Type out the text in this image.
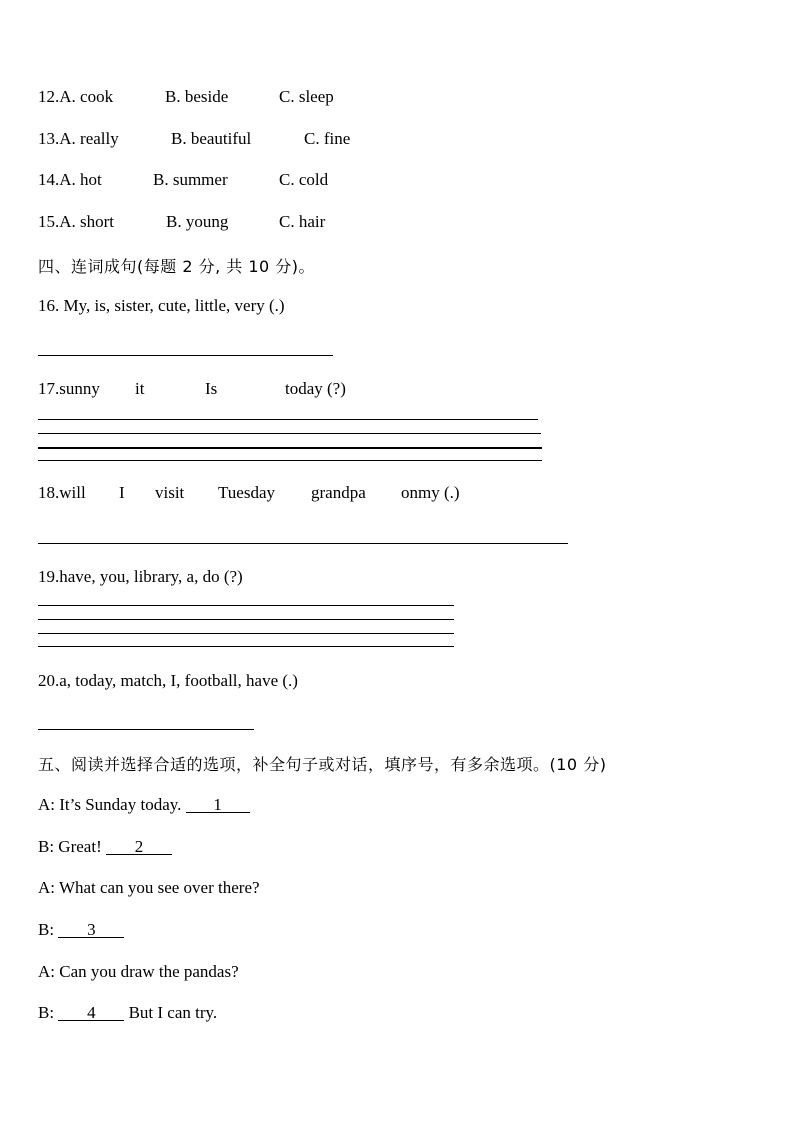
12.A. cook	B. beside	C. sleep
13.A. really	B. beautiful	C. fine
14.A. hot	B. summer	C. cold
15.A. short	B. young	C. hair
四、连词成句(每题 2 分, 共 10 分)。
16. My, is, sister, cute, little, very (.)
17.sunny it	Is	today (?)
18.will I visit Tuesday grandpa onmy (.)
19.have, you, library, a, do (?)
20.a, today, match, I, football, have (.)
五、阅读并选择合适的选项，补全句子或对话，填序号，有多余选项。(10 分)
A: It’s Sunday today. 1
B: Great! 2
A: What can you see over there?
B: 3
A: Can you draw the pandas?
B: 4 But I can try.
